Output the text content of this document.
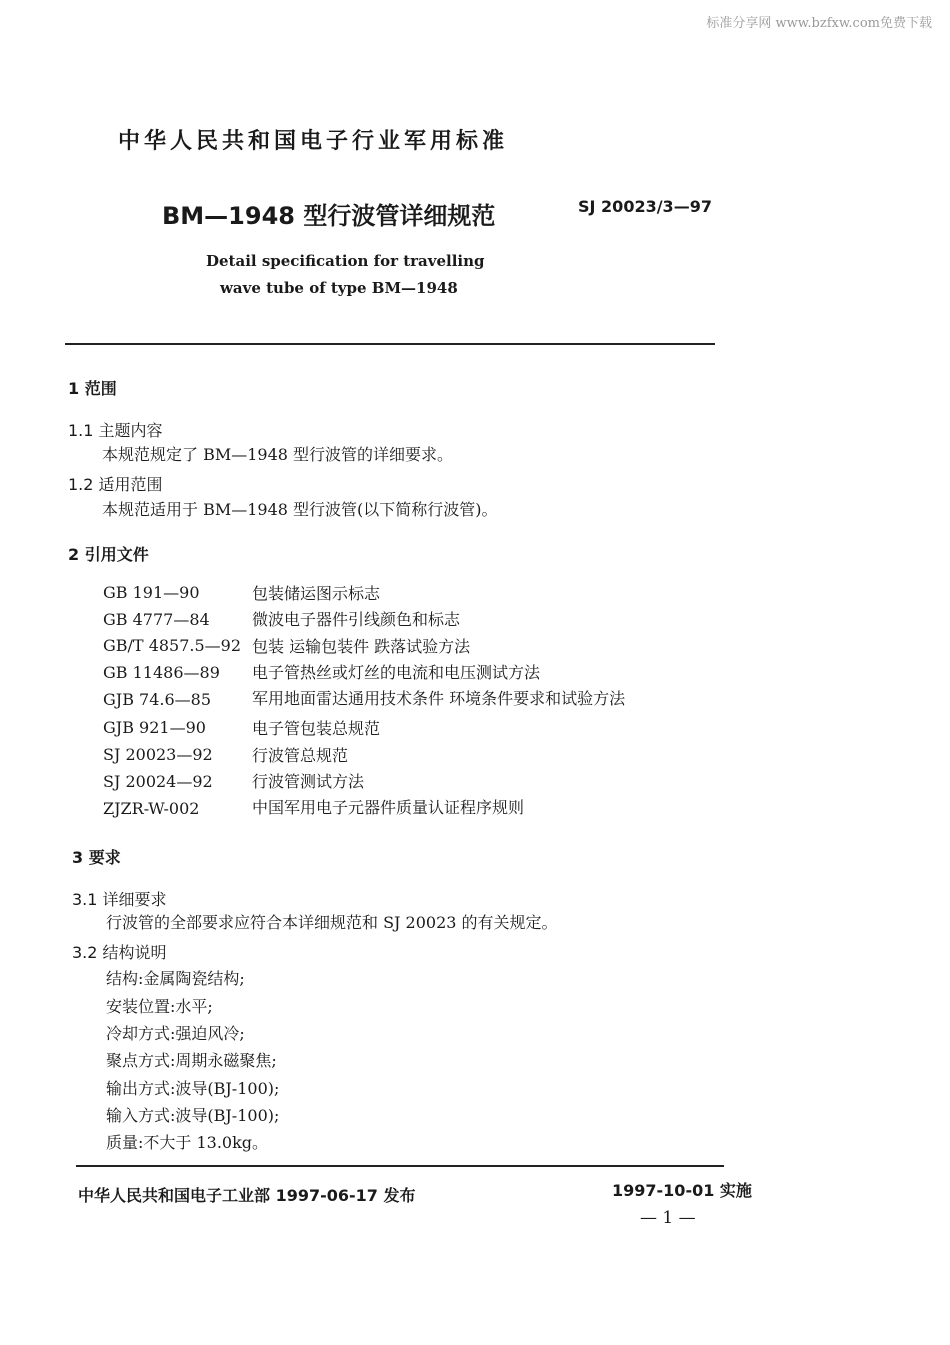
标准分享网 www.bzfxw.com免费下载
中华人民共和国电子行业军用标准
BM—1948 型行波管详细规范	SJ 20023/3—97
Detail specification for travelling
wave tube of type BM—1948
1 范围
1.1 主题内容
本规范规定了 BM—1948 型行波管的详细要求。
1.2 适用范围
本规范适用于 BM—1948 型行波管(以下简称行波管)。
2 引用文件
GB 191—90	包装储运图示标志
GB 4777—84	微波电子器件引线颜色和标志
GB/T 4857.5—92 包装 运输包装件 跌落试验方法
GB 11486—89 电子管热丝或灯丝的电流和电压测试方法
GJB 74.6—85	军用地面雷达通用技术条件 环境条件要求和试验方法
GJB 921—90	电子管包装总规范
SJ 20023—92 行波管总规范
SJ 20024—92 行波管测试方法
ZJZR-W-002	中国军用电子元器件质量认证程序规则
3 要求
3.1 详细要求
行波管的全部要求应符合本详细规范和 SJ 20023 的有关规定。
3.2 结构说明
结构:金属陶瓷结构;
安装位置:水平;
冷却方式:强迫风冷;
聚点方式:周期永磁聚焦;
输出方式:波导(BJ-100);
输入方式:波导(BJ-100);
质量:不大于 13.0kg。
中华人民共和国电子工业部 1997-06-17 发布	1997-10-01 实施
— 1 —
